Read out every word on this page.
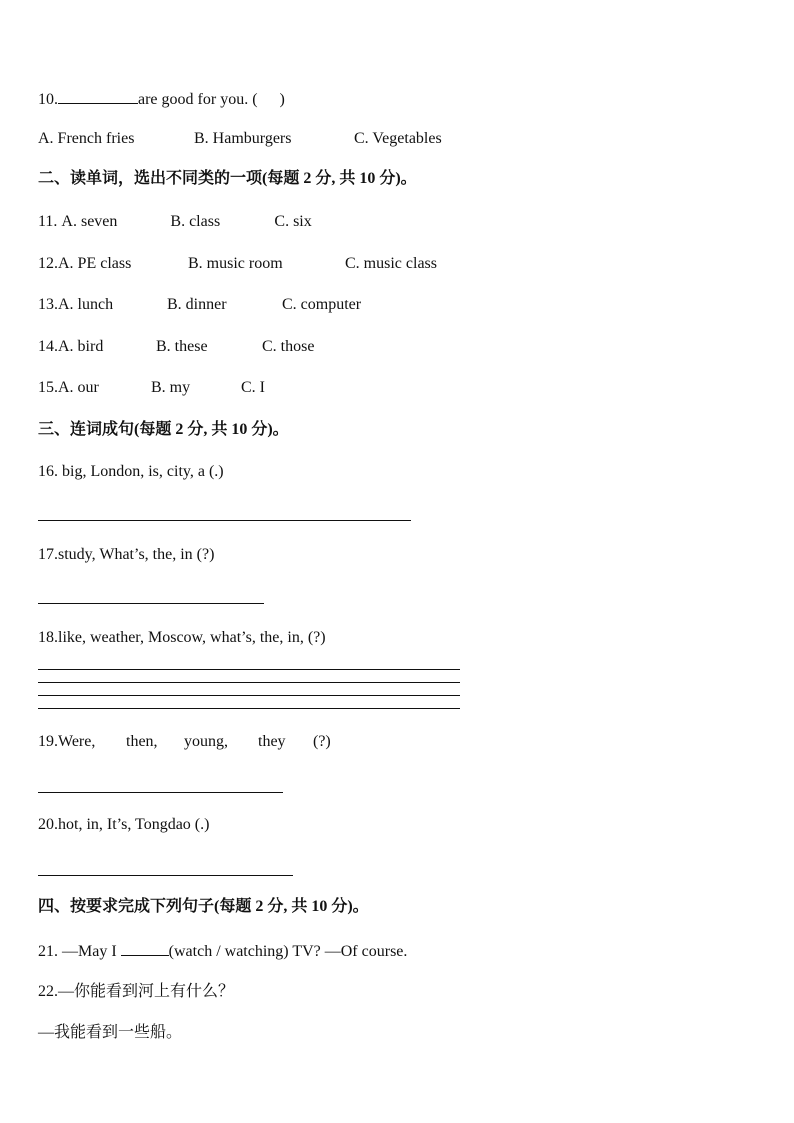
10.	are good for you. ( )
A. French fries	B. Hamburgers	C. Vegetables
二、读单词，选出不同类的一项(每题 2 分, 共 10 分)。
11. A. seven	B. class	C. six
12.A. PE class	B. music room	C. music class
13.A. lunch	B. dinner	C. computer
14.A. bird	B. these	C. those
15.A. our	B. my	C. I
三、连词成句(每题 2 分, 共 10 分)。
16. big, London, is, city, a (.)
17.study, What’s, the, in (?)
18.like, weather, Moscow, what’s, the, in, (?)
19.Were, then, young, they (?)
20.hot, in, It’s, Tongdao (.)
四、按要求完成下列句子(每题 2 分, 共 10 分)。
21. —May I	(watch / watching) TV? —Of course.
22.—你能看到河上有什么？
—我能看到一些船。
